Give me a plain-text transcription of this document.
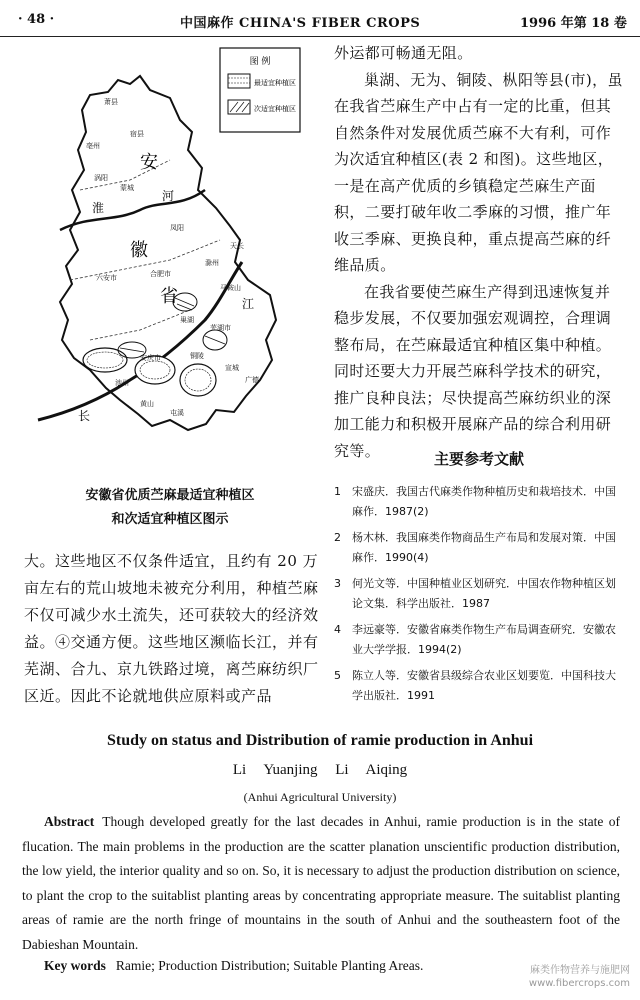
· 48 ·	中国麻作 CHINA'S FIBER CROPS	1996 年第 18 卷
图 例
最适宜种植区
次适宜种植区
安
徽
省
淮
河
长
江
萧县
宿县
亳州
涡阳
蒙城
凤阳
六安市	合肥市
巢湖
芜湖市
铜陵
宣城
安庆市
屯溪
黄山
池州
马鞍山
滁州
天长
广德
安徽省优质苎麻最适宜种植区
和次适宜种植区图示
大。这些地区不仅条件适宜，且约有 20 万亩左右的荒山坡地未被充分利用，种植苎麻不仅可减少水土流失，还可获较大的经济效益。④交通方便。这些地区濒临长江，并有芜湖、合九、京九铁路过境，离苎麻纺织厂区近。因此不论就地供应原料或产品

外运都可畅通无阻。

巢湖、无为、铜陵、枞阳等县(市)，虽在我省苎麻生产中占有一定的比重，但其自然条件对发展优质苎麻不大有利，可作为次适宜种植区(表 2 和图)。这些地区，一是在高产优质的乡镇稳定苎麻生产面积，二要打破年收二季麻的习惯，推广年收三季麻、更换良种，重点提高苎麻的纤维品质。

在我省要使苎麻生产得到迅速恢复并稳步发展，不仅要加强宏观调控，合理调整布局，在苎麻最适宜种植区集中种植。同时还要大力开展苎麻科学技术的研究，推广良种良法；尽快提高苎麻纺织业的深加工能力和积极开展麻产品的综合利用研究等。	主要参考文献
1	宋盛庆．我国古代麻类作物种植历史和栽培技术．中国麻作．1987(2)
2	杨木林．我国麻类作物商品生产布局和发展对策．中国麻作．1990(4)
3	何光文等．中国种植业区划研究．中国农作物种植区划论文集．科学出版社．1987
4	李远豪等．安徽省麻类作物生产布局调查研究．安徽农业大学学报．1994(2)
5	陈立人等．安徽省县级综合农业区划要览．中国科技大学出版社．1991
Study on status and Distribution of ramie production in Anhui
Li Yuanjing Li Aiqing
(Anhui Agricultural University)
Abstract Though developed greatly for the last decades in Anhui, ramie production is in the state of flucation. The main problems in the production are the scatter planation unscientific production distribution, the low yield, the interior quality and so on. So, it is necessary to adjust the production distribution on science, to plant the crop to the suitablist planting areas by concentrating appropriate measure. The suitablist planting areas of ramie are the north fringe of mountains in the south of Anhui and the southeastern foot of the Dabieshan Mountain.
Key words Ramie; Production Distribution; Suitable Planting Areas.	麻类作物营养与施肥网
www.fibercrops.com
